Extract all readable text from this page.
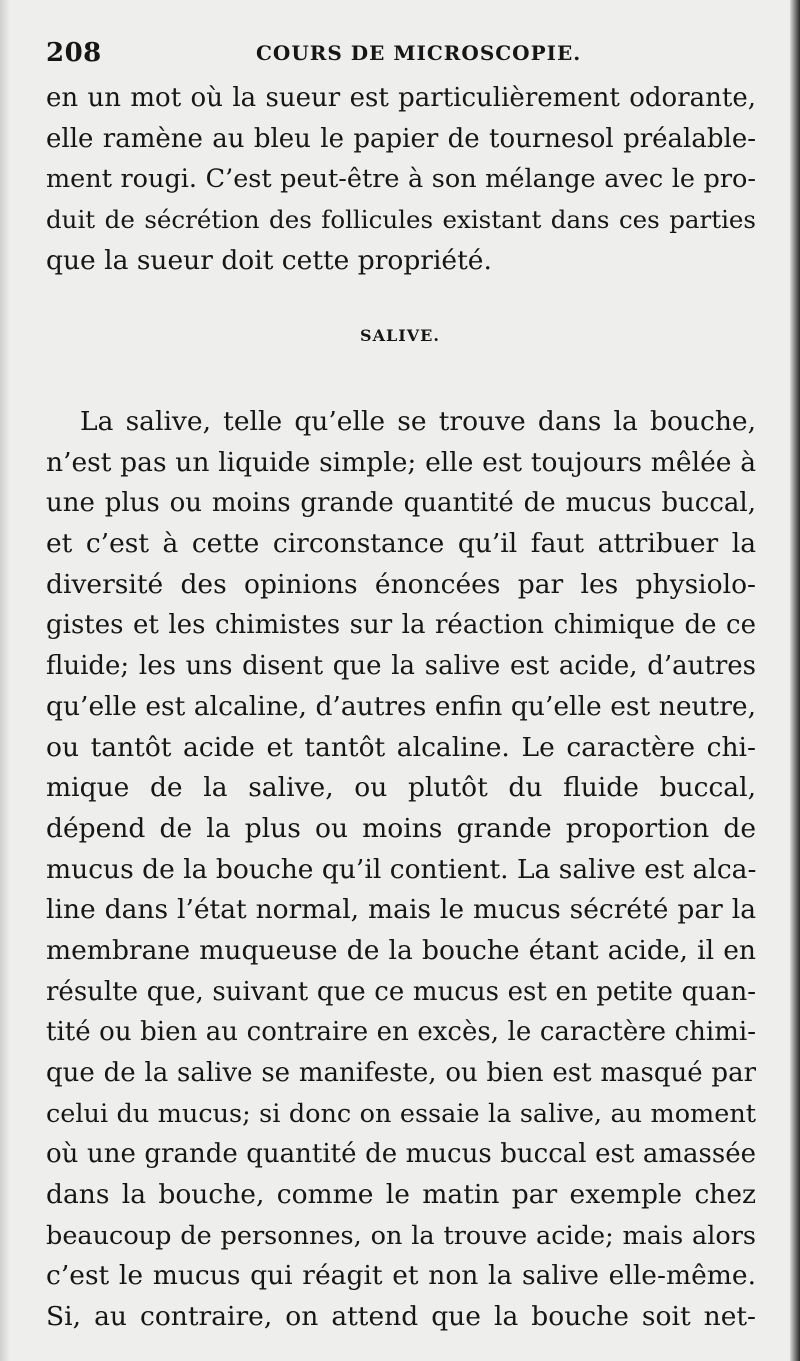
208	COURS DE MICROSCOPIE.
en un mot où la sueur est particulièrement odorante,
elle ramène au bleu le papier de tournesol préalable-
ment rougi. C’est peut-être à son mélange avec le pro-
duit de sécrétion des follicules existant dans ces parties
que la sueur doit cette propriété.
SALIVE.
La salive, telle qu’elle se trouve dans la bouche,
n’est pas un liquide simple; elle est toujours mêlée à
une plus ou moins grande quantité de mucus buccal,
et c’est à cette circonstance qu’il faut attribuer la
diversité des opinions énoncées par les physiolo-
gistes et les chimistes sur la réaction chimique de ce
fluide; les uns disent que la salive est acide, d’autres
qu’elle est alcaline, d’autres enfin qu’elle est neutre,
ou tantôt acide et tantôt alcaline. Le caractère chi-
mique de la salive, ou plutôt du fluide buccal,
dépend de la plus ou moins grande proportion de
mucus de la bouche qu’il contient. La salive est alca-
line dans l’état normal, mais le mucus sécrété par la
membrane muqueuse de la bouche étant acide, il en
résulte que, suivant que ce mucus est en petite quan-
tité ou bien au contraire en excès, le caractère chimi-
que de la salive se manifeste, ou bien est masqué par
celui du mucus; si donc on essaie la salive, au moment
où une grande quantité de mucus buccal est amassée
dans la bouche, comme le matin par exemple chez
beaucoup de personnes, on la trouve acide; mais alors
c’est le mucus qui réagit et non la salive elle-même.
Si, au contraire, on attend que la bouche soit net-
